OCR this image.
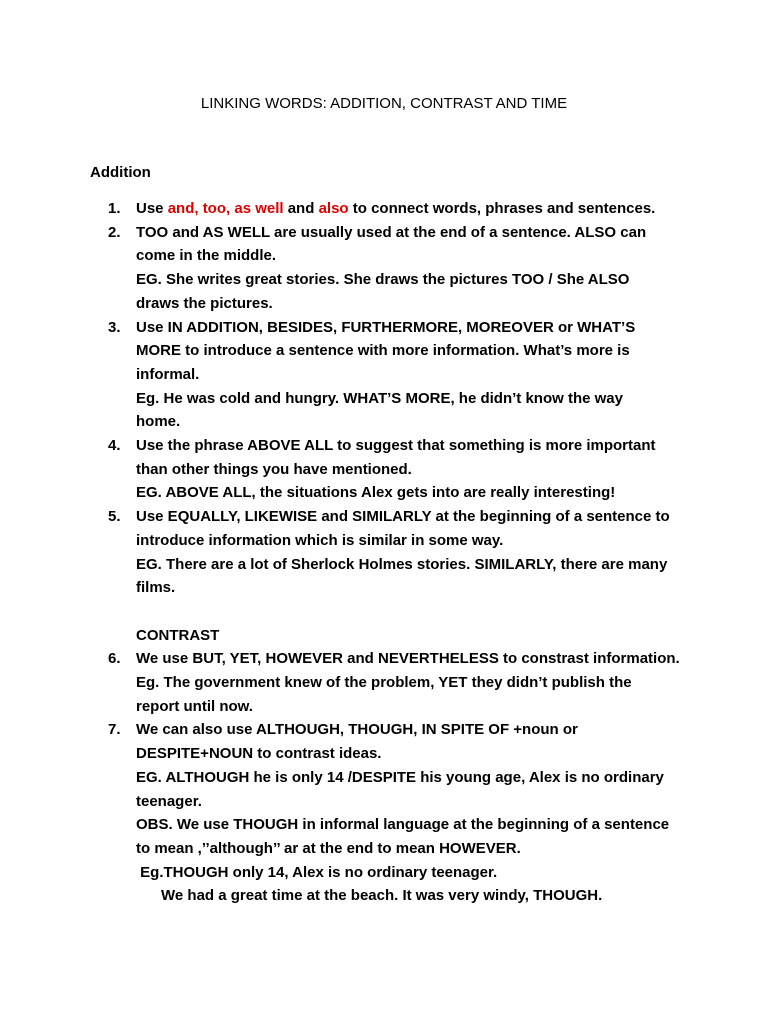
LINKING WORDS: ADDITION, CONTRAST AND TIME
Addition
1. Use and, too, as well and also to connect words, phrases and sentences.
2. TOO and AS WELL are usually used at the end of a sentence. ALSO can
come in the middle.
EG. She writes great stories. She draws the pictures TOO / She ALSO
draws the pictures.
3. Use IN ADDITION, BESIDES, FURTHERMORE, MOREOVER or WHAT’S
MORE to introduce a sentence with more information. What’s more is
informal.
Eg. He was cold and hungry. WHAT’S MORE, he didn’t know the way
home.
4. Use the phrase ABOVE ALL to suggest that something is more important
than other things you have mentioned.
EG. ABOVE ALL, the situations Alex gets into are really interesting!
5. Use EQUALLY, LIKEWISE and SIMILARLY at the beginning of a sentence to
introduce information which is similar in some way.
EG. There are a lot of Sherlock Holmes stories. SIMILARLY, there are many
films.
CONTRAST
6. We use BUT, YET, HOWEVER and NEVERTHELESS to constrast information.
Eg. The government knew of the problem, YET they didn’t publish the
report until now.
7. We can also use ALTHOUGH, THOUGH, IN SPITE OF +noun or
DESPITE+NOUN to contrast ideas.
EG. ALTHOUGH he is only 14 /DESPITE his young age, Alex is no ordinary
teenager.
OBS. We use THOUGH in informal language at the beginning of a sentence
to mean ,’’although’’ ar at the end to mean HOWEVER.
Eg.THOUGH only 14, Alex is no ordinary teenager.
We had a great time at the beach. It was very windy, THOUGH.
